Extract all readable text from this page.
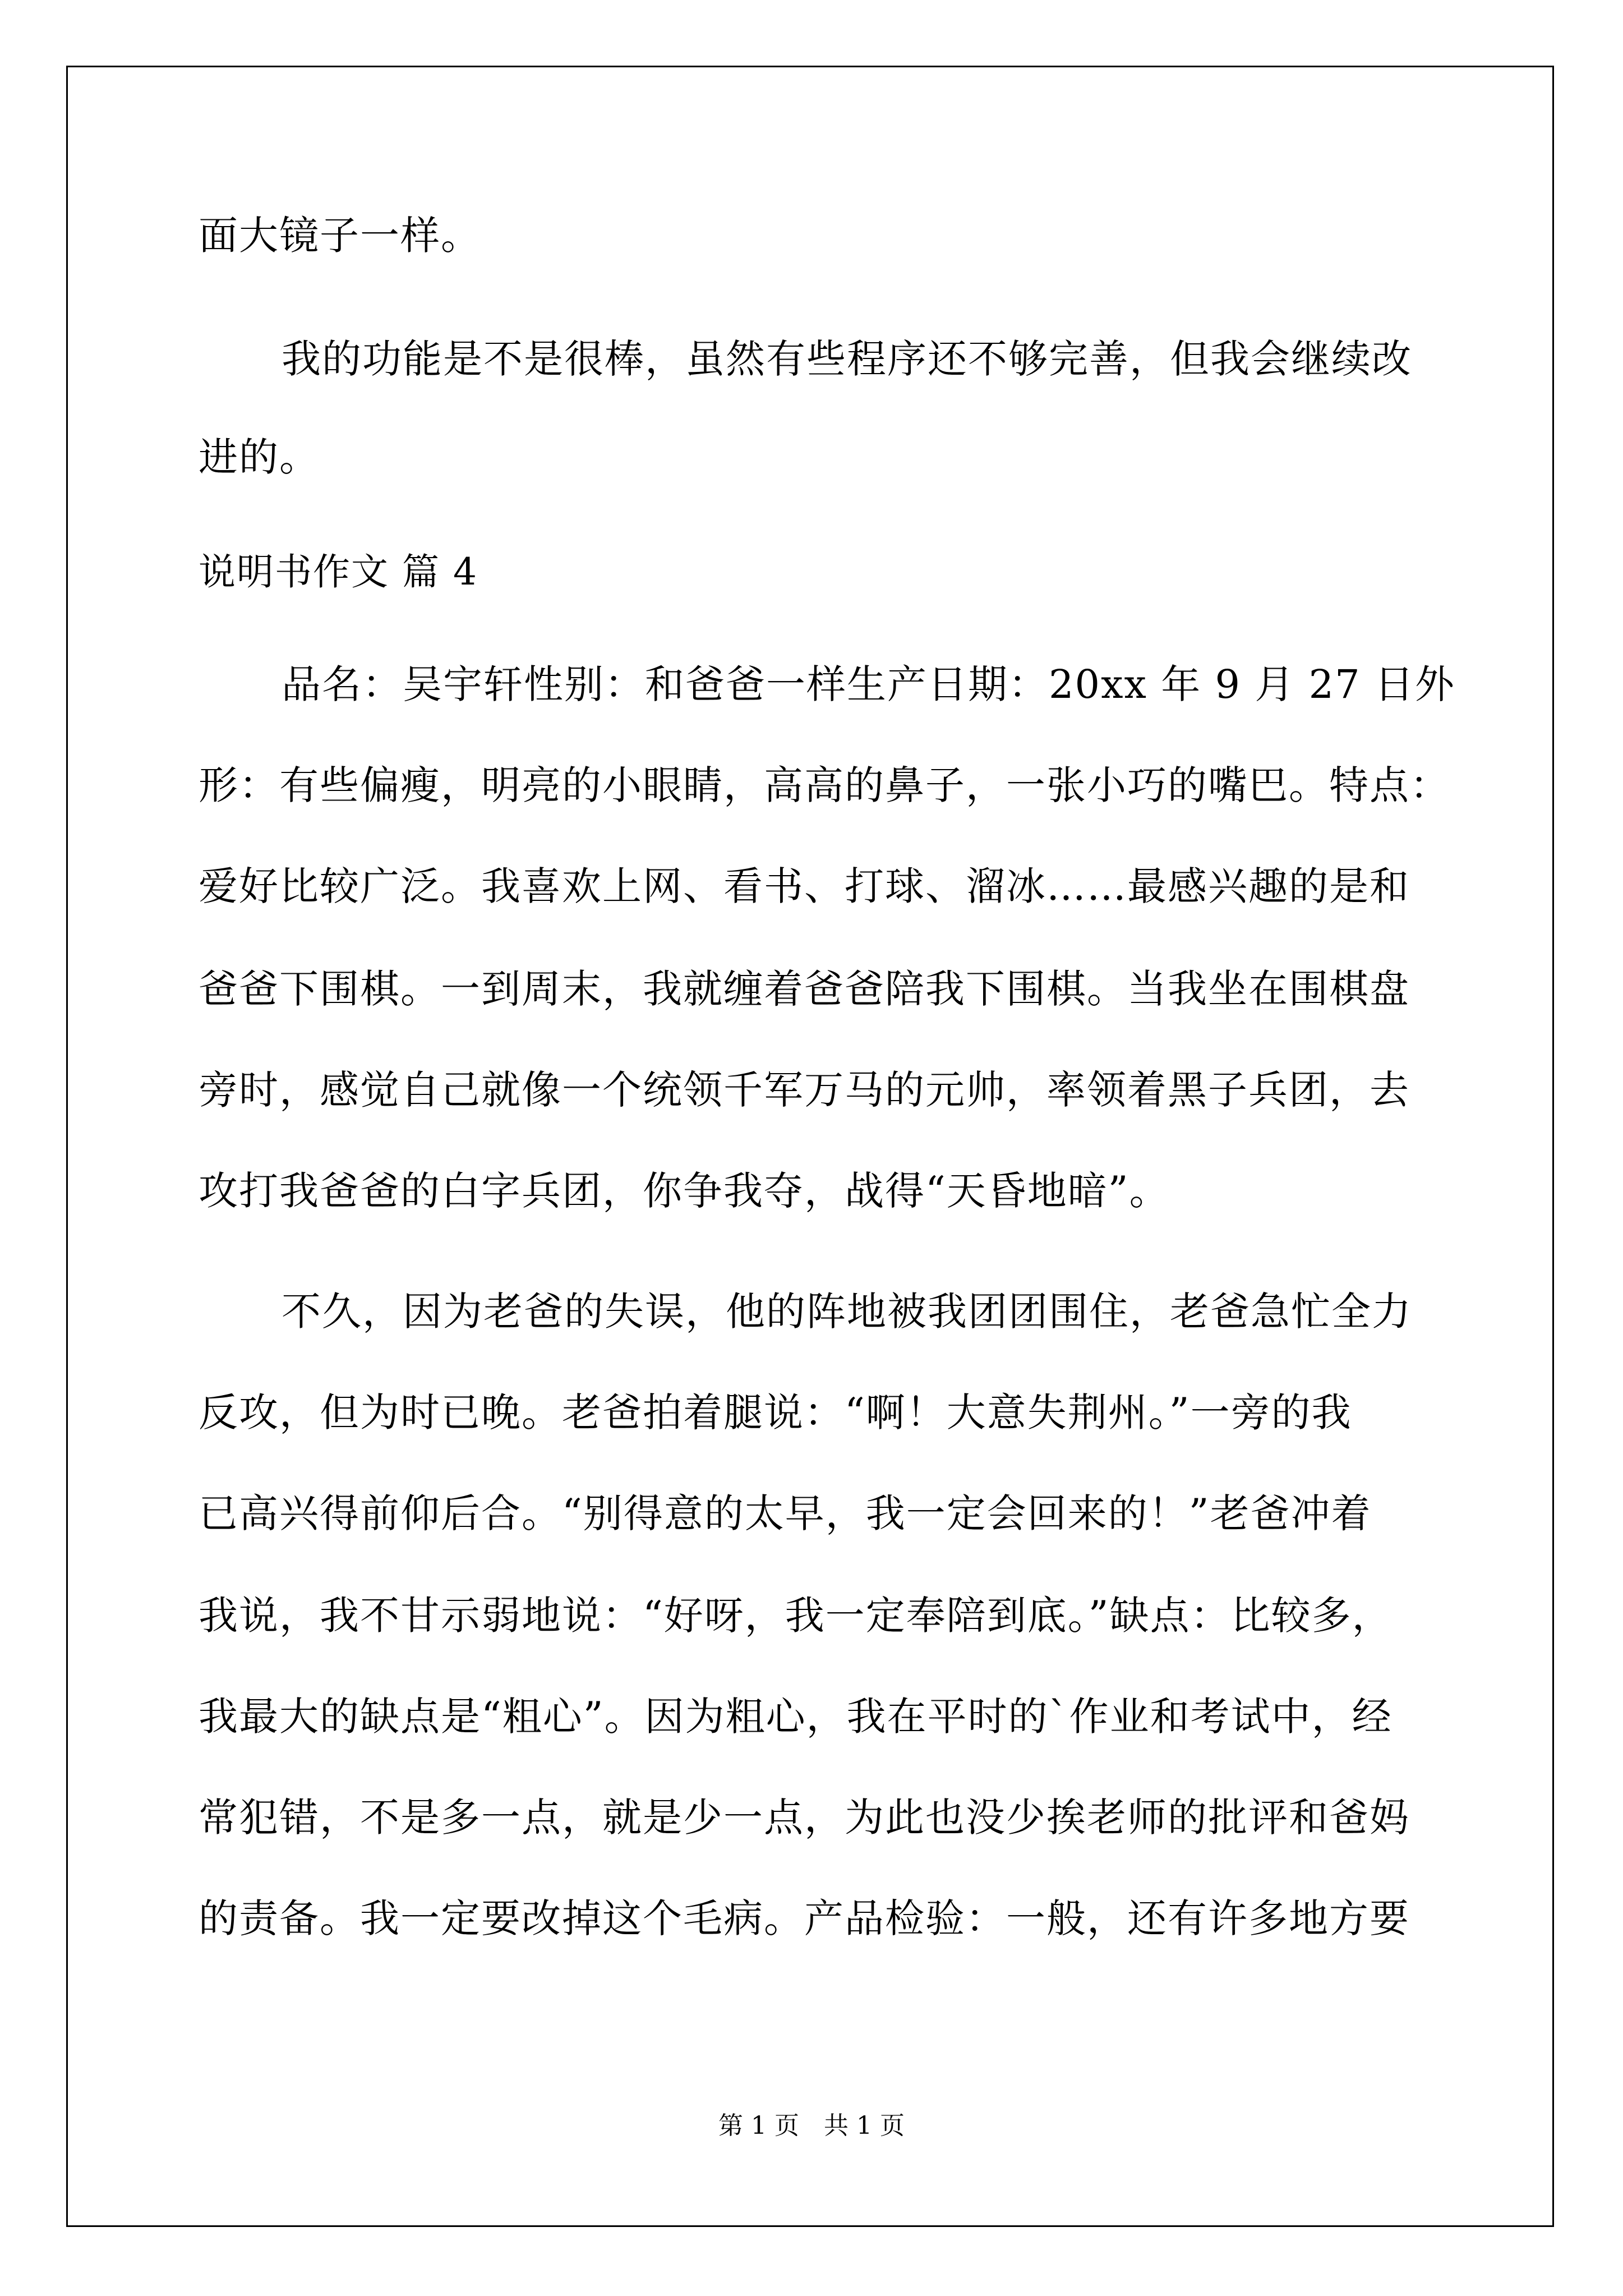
面大镜子一样。
我的功能是不是很棒，虽然有些程序还不够完善，但我会继续改
进的。
说明书作文 篇 4
品名：吴宇轩性别：和爸爸一样生产日期：20xx 年 9 月 27 日外
形：有些偏瘦，明亮的小眼睛，高高的鼻子，一张小巧的嘴巴。特点：
爱好比较广泛。我喜欢上网、看书、打球、溜冰……最感兴趣的是和
爸爸下围棋。一到周末，我就缠着爸爸陪我下围棋。当我坐在围棋盘
旁时，感觉自己就像一个统领千军万马的元帅，率领着黑子兵团，去
攻打我爸爸的白字兵团，你争我夺，战得“天昏地暗”。
不久，因为老爸的失误，他的阵地被我团团围住，老爸急忙全力
反攻，但为时已晚。老爸拍着腿说：“啊！大意失荆州。”一旁的我
已高兴得前仰后合。“别得意的太早，我一定会回来的！”老爸冲着
我说，我不甘示弱地说：“好呀，我一定奉陪到底。”缺点：比较多，
我最大的缺点是“粗心”。因为粗心，我在平时的`作业和考试中，经
常犯错，不是多一点，就是少一点，为此也没少挨老师的批评和爸妈
的责备。我一定要改掉这个毛病。产品检验：一般，还有许多地方要
第 1 页　共 1 页
